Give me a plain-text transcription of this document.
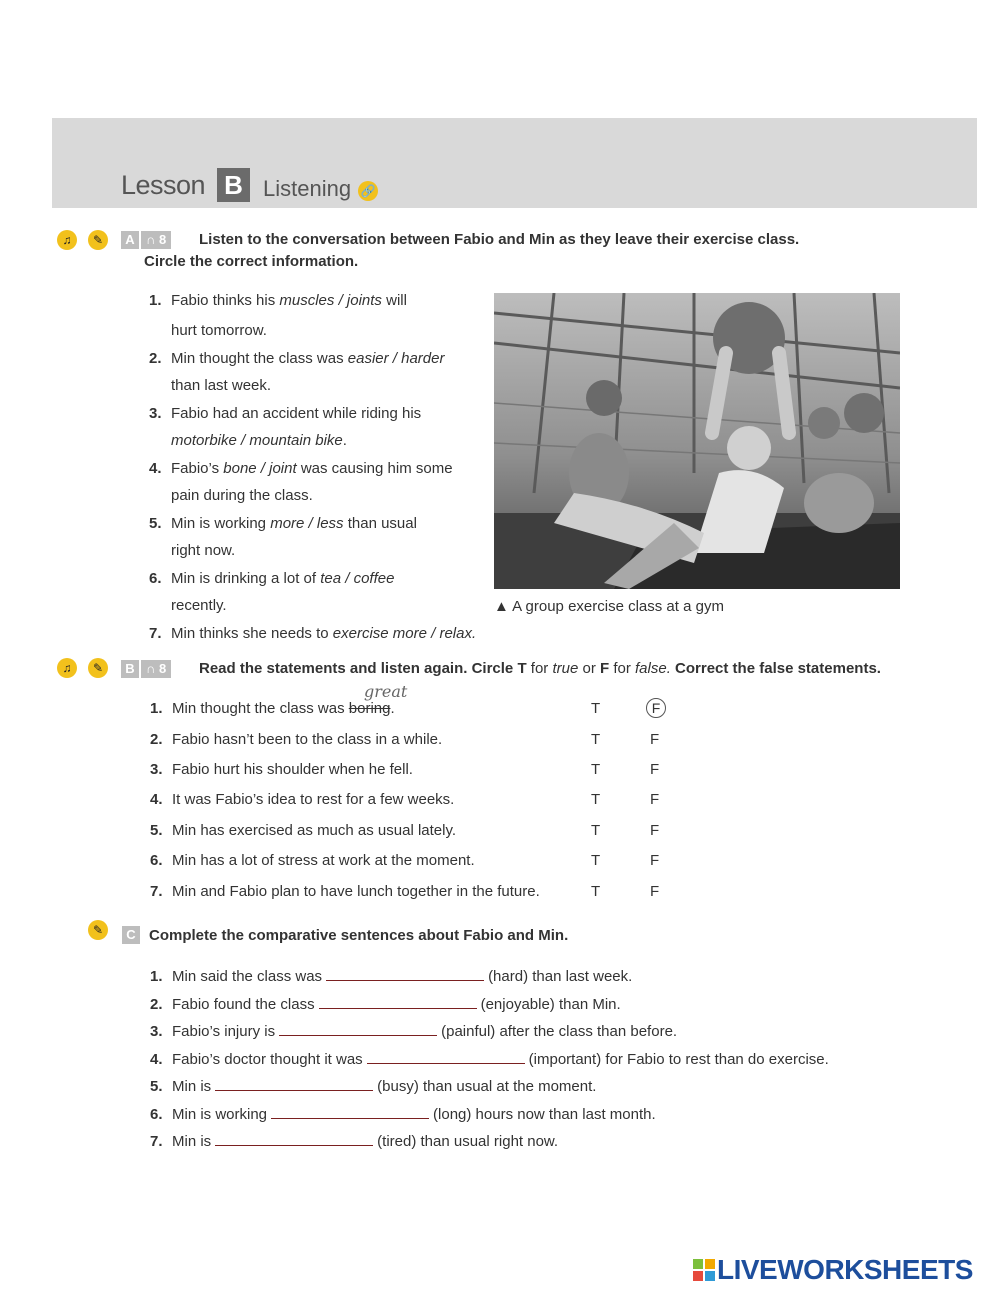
Lesson B Listening 🔗
♫	✎	A ∩ 8	Listen to the conversation between Fabio and Min as they leave their exercise class.
Circle the correct information.
1. Fabio thinks his muscles / joints will
hurt tomorrow.
2. Min thought the class was easier / harder
than last week.
3. Fabio had an accident while riding his
motorbike / mountain bike.
4. Fabio’s bone / joint was causing him some
pain during the class.
5. Min is working more / less than usual
right now.
6. Min is drinking a lot of tea / coffee
recently.
7. Min thinks she needs to exercise more / relax.
▲ A group exercise class at a gym
♫	✎	B ∩ 8	Read the statements and listen again. Circle T for true or F for false. Correct the false statements.
great
1. Min thought the class was boring.	T	F
2. Fabio hasn’t been to the class in a while.	T	F
3. Fabio hurt his shoulder when he fell.	T	F
4. It was Fabio’s idea to rest for a few weeks.	T	F
5. Min has exercised as much as usual lately.	T	F
6. Min has a lot of stress at work at the moment.	T	F
7. Min and Fabio plan to have lunch together in the future.	T	F
✎	C Complete the comparative sentences about Fabio and Min.
1. Min said the class was	(hard) than last week.
2. Fabio found the class	(enjoyable) than Min.
3. Fabio’s injury is	(painful) after the class than before.
4. Fabio’s doctor thought it was	(important) for Fabio to rest than do exercise.
5. Min is	(busy) than usual at the moment.
6. Min is working	(long) hours now than last month.
7. Min is	(tired) than usual right now.
LIVEWORKSHEETS
